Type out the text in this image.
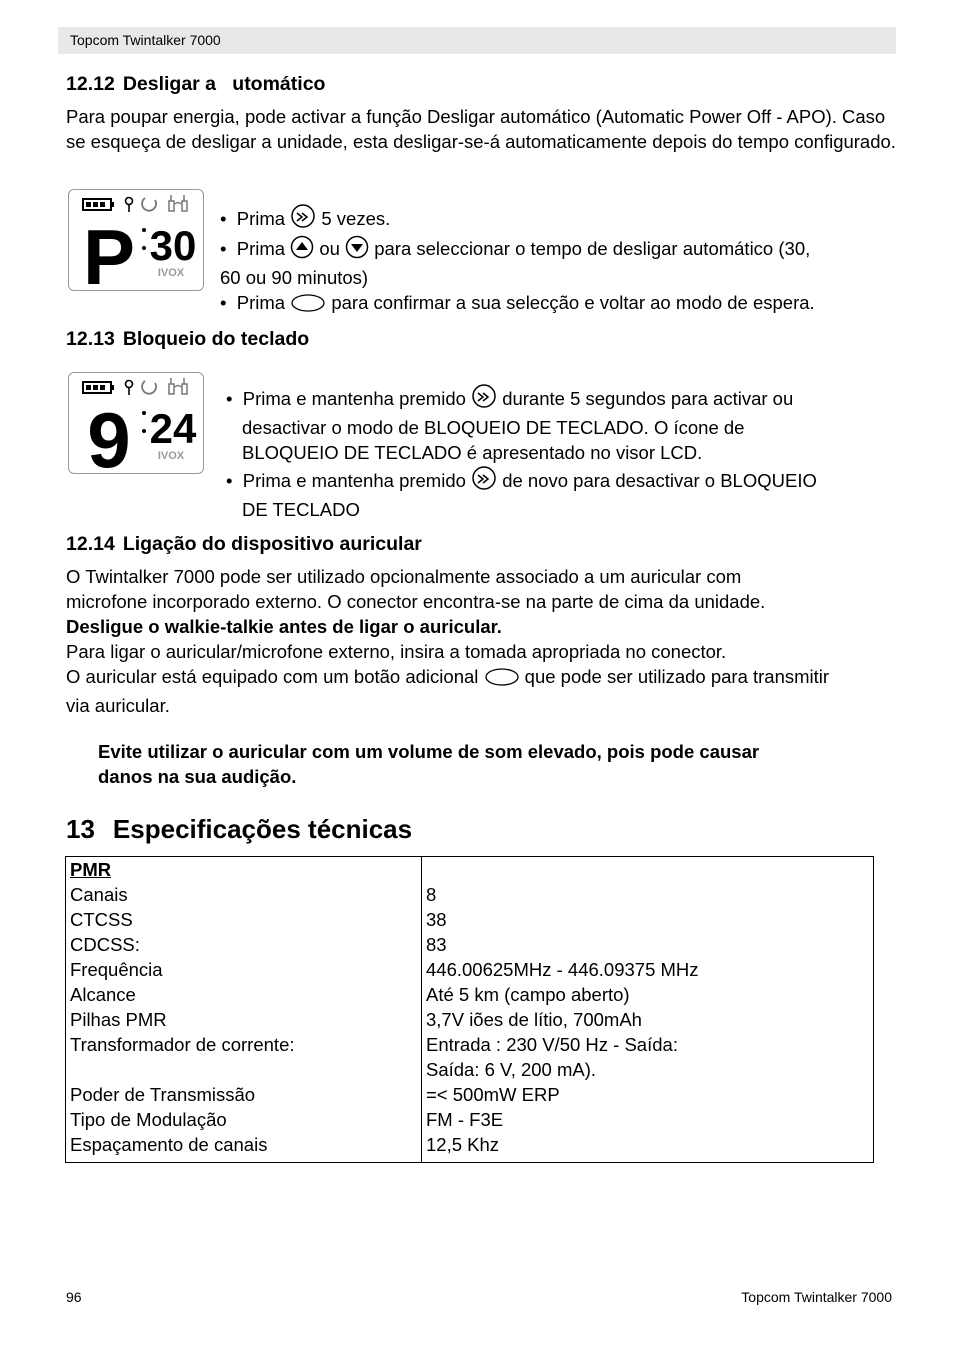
Topcom Twintalker 7000
12.12 Desligar a   utomático
Para poupar energia, pode activar a função Desligar automático (Automatic Power Off - APO). Caso se esqueça de desligar a unidade, esta desligar-se-á automaticamente depois do tempo configurado.
P 30
IVOX
•  Prima 5 vezes.
•  Prima ou para seleccionar o tempo de desligar automático (30,
60 ou 90 minutos)
•  Prima	para confirmar a sua selecção e voltar ao modo de espera.
12.13 Bloqueio do teclado
9 24
IVOX
•  Prima e mantenha premido durante 5 segundos para activar ou
desactivar o modo de BLOQUEIO DE TECLADO. O ícone de
BLOQUEIO DE TECLADO é apresentado no visor LCD.
•  Prima e mantenha premido de novo para desactivar o BLOQUEIO
DE TECLADO
12.14 Ligação do dispositivo auricular
O Twintalker 7000 pode ser utilizado opcionalmente associado a um auricular com
microfone incorporado externo. O conector encontra-se na parte de cima da unidade.
Desligue o walkie-talkie antes de ligar o auricular.
Para ligar o auricular/microfone externo, insira a tomada apropriada no conector.
O auricular está equipado com um botão adicional	que pode ser utilizado para transmitir
via auricular.
Evite utilizar o auricular com um volume de som elevado, pois pode causar
danos na sua audição.
13 Especificações técnicas
PMR	
Canais	8
CTCSS	38
CDCSS:	83
Frequência	446.00625MHz - 446.09375 MHz
Alcance	Até 5 km (campo aberto)
Pilhas PMR	3,7V iões de lítio, 700mAh
Transformador de corrente:	Entrada : 230 V/50 Hz - Saída:
	Saída: 6 V, 200 mA).
Poder de Transmissão	=< 500mW ERP
Tipo de Modulação	FM - F3E
Espaçamento de canais	12,5 Khz
96	Topcom Twintalker 7000
